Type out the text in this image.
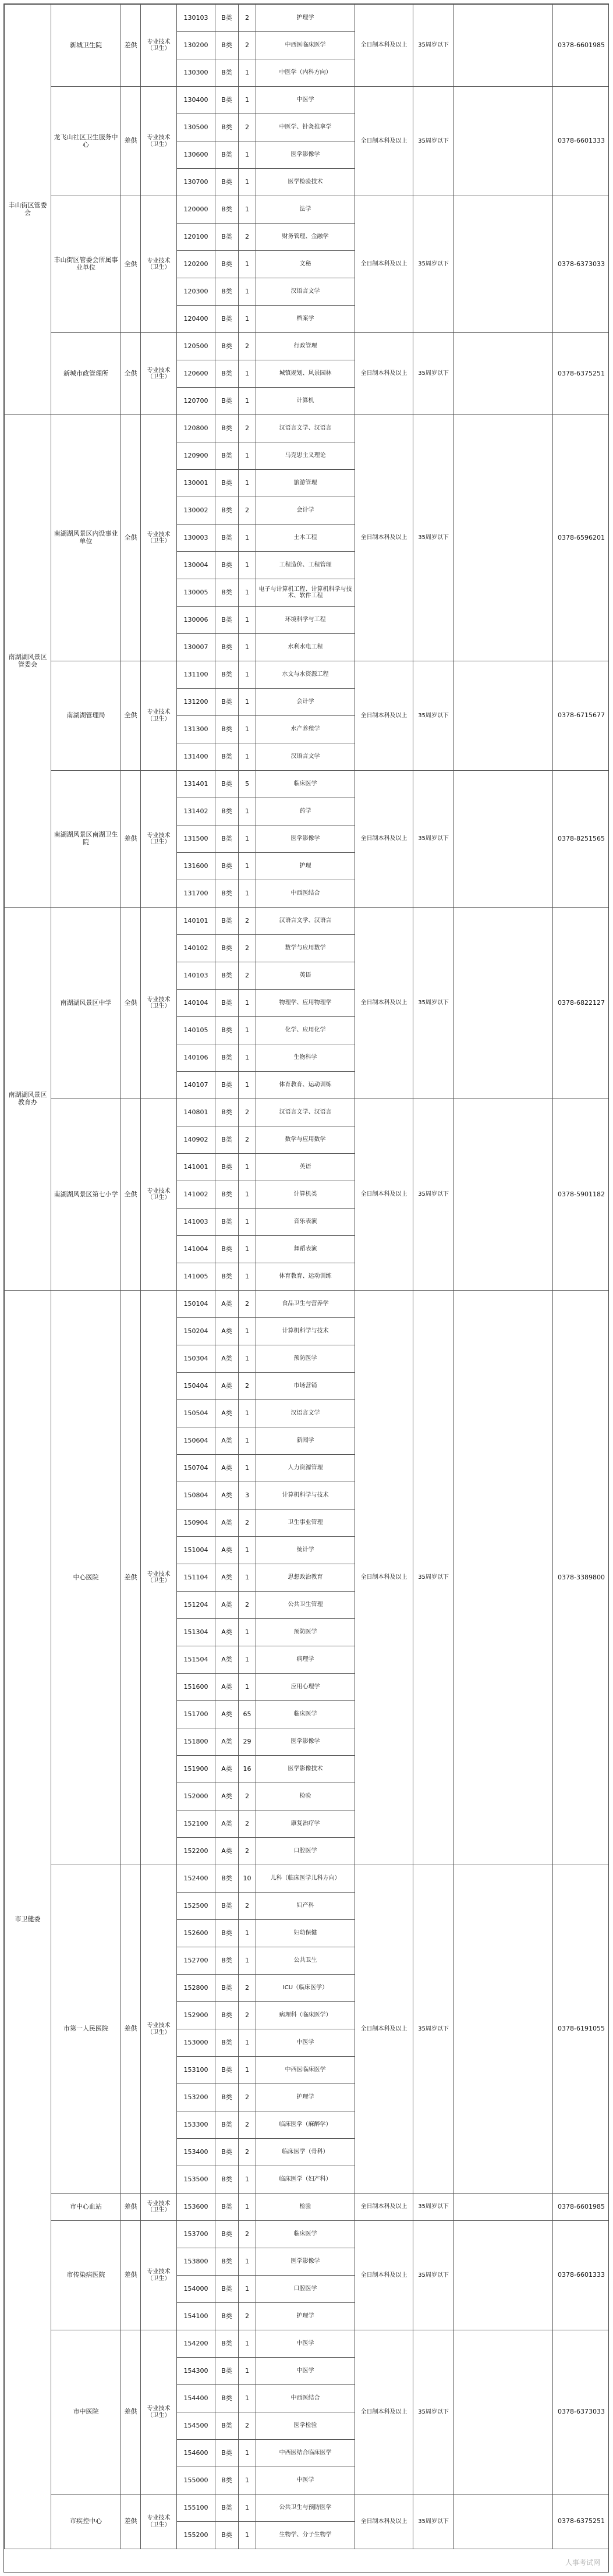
丰山街区管委会	新城卫生院	差供	专业技术（卫生）	130103	B类	2	护理学	全日制本科及以上	35周岁以下		0378-6601985
				130200	B类	2	中西医临床医学				
				130300	B类	1	中医学（内科方向）				
	龙飞山社区卫生服务中心	差供	专业技术（卫生）	130400	B类	1	中医学	全日制本科及以上	35周岁以下		0378-6601333
				130500	B类	2	中医学、针灸推拿学				
				130600	B类	1	医学影像学				
				130700	B类	1	医学检验技术				
	丰山街区管委会所属事业单位	全供	专业技术（卫生）	120000	B类	1	法学	全日制本科及以上	35周岁以下		0378-6373033
				120100	B类	2	财务管理、金融学				
				120200	B类	1	文秘				
				120300	B类	1	汉语言文学				
				120400	B类	1	档案学				
	新城市政管理所	全供	专业技术（卫生）	120500	B类	2	行政管理	全日制本科及以上	35周岁以下		0378-6375251
				120600	B类	1	城镇规划、风景园林				
				120700	B类	1	计算机				
南湖湖风景区管委会	南湖湖风景区内设事业单位	全供	专业技术（卫生）	120800	B类	2	汉语言文学、汉语言	全日制本科及以上	35周岁以下		0378-6596201
				120900	B类	1	马克思主义理论				
				130001	B类	1	旅游管理				
				130002	B类	2	会计学				
				130003	B类	1	土木工程				
				130004	B类	1	工程造价、工程管理				
				130005	B类	1	电子与计算机工程、计算机科学与技术、软件工程				
				130006	B类	1	环境科学与工程				
				130007	B类	1	水利水电工程				
	南湖湖管理局	全供	专业技术（卫生）	131100	B类	1	水文与水资源工程	全日制本科及以上	35周岁以下		0378-6715677
				131200	B类	1	会计学				
				131300	B类	1	水产养殖学				
				131400	B类	1	汉语言文学				
	南湖湖风景区南湖卫生院	差供	专业技术（卫生）	131401	B类	5	临床医学	全日制本科及以上	35周岁以下		0378-8251565
				131402	B类	1	药学				
				131500	B类	1	医学影像学				
				131600	B类	1	护理				
				131700	B类	1	中西医结合				
南湖湖风景区教育办	南湖湖风景区中学	全供	专业技术（卫生）	140101	B类	2	汉语言文学、汉语言	全日制本科及以上	35周岁以下		0378-6822127
				140102	B类	2	数学与应用数学				
				140103	B类	2	英语				
				140104	B类	1	物理学、应用物理学				
				140105	B类	1	化学、应用化学				
				140106	B类	1	生物科学				
				140107	B类	1	体育教育、运动训练				
	南湖湖风景区第七小学	全供	专业技术（卫生）	140801	B类	2	汉语言文学、汉语言	全日制本科及以上	35周岁以下		0378-5901182
				140902	B类	2	数学与应用数学				
				141001	B类	1	英语				
				141002	B类	1	计算机类				
				141003	B类	1	音乐表演				
				141004	B类	1	舞蹈表演				
				141005	B类	1	体育教育、运动训练				
市卫健委	中心医院	差供	专业技术（卫生）	150104	A类	2	食品卫生与营养学	全日制本科及以上	35周岁以下		0378-3389800
				150204	A类	1	计算机科学与技术				
				150304	A类	1	预防医学				
				150404	A类	2	市场营销				
				150504	A类	1	汉语言文学				
				150604	A类	1	新闻学				
				150704	A类	1	人力资源管理				
				150804	A类	3	计算机科学与技术				
				150904	A类	2	卫生事业管理				
				151004	A类	1	统计学				
				151104	A类	1	思想政治教育				
				151204	A类	2	公共卫生管理				
				151304	A类	1	预防医学				
				151504	A类	1	病理学				
				151600	A类	1	应用心理学				
				151700	A类	65	临床医学				
				151800	A类	29	医学影像学				
				151900	A类	16	医学影像技术				
				152000	A类	2	检验				
				152100	A类	2	康复治疗学				
				152200	A类	2	口腔医学				
	市第一人民医院	差供	专业技术（卫生）	152400	B类	10	儿科（临床医学儿科方向）	全日制本科及以上	35周岁以下		0378-6191055
				152500	B类	2	妇产科				
				152600	B类	1	妇幼保健				
				152700	B类	1	公共卫生				
				152800	B类	2	ICU（临床医学）				
				152900	B类	2	病理科（临床医学）				
				153000	B类	1	中医学				
				153100	B类	1	中西医临床医学				
				153200	B类	2	护理学				
				153300	B类	2	临床医学（麻醉学）				
				153400	B类	2	临床医学（骨科）				
				153500	B类	1	临床医学（妇产科）				
	市中心血站	差供	专业技术（卫生）	153600	B类	1	检验	全日制本科及以上	35周岁以下		0378-6601985
	市传染病医院	差供	专业技术（卫生）	153700	B类	2	临床医学	全日制本科及以上	35周岁以下		0378-6601333
				153800	B类	1	医学影像学				
				154000	B类	1	口腔医学				
				154100	B类	2	护理学				
	市中医院	差供	专业技术（卫生）	154200	B类	1	中医学	全日制本科及以上	35周岁以下		0378-6373033
				154300	B类	1	中医学				
				154400	B类	1	中西医结合				
				154500	B类	2	医学检验				
				154600	B类	1	中西医结合临床医学				
				155000	B类	1	中医学				
	市疾控中心	差供	专业技术（卫生）	155100	B类	1	公共卫生与预防医学	全日制本科及以上	35周岁以下		0378-6375251
				155200	B类	1	生物学、分子生物学				
人事考试网
